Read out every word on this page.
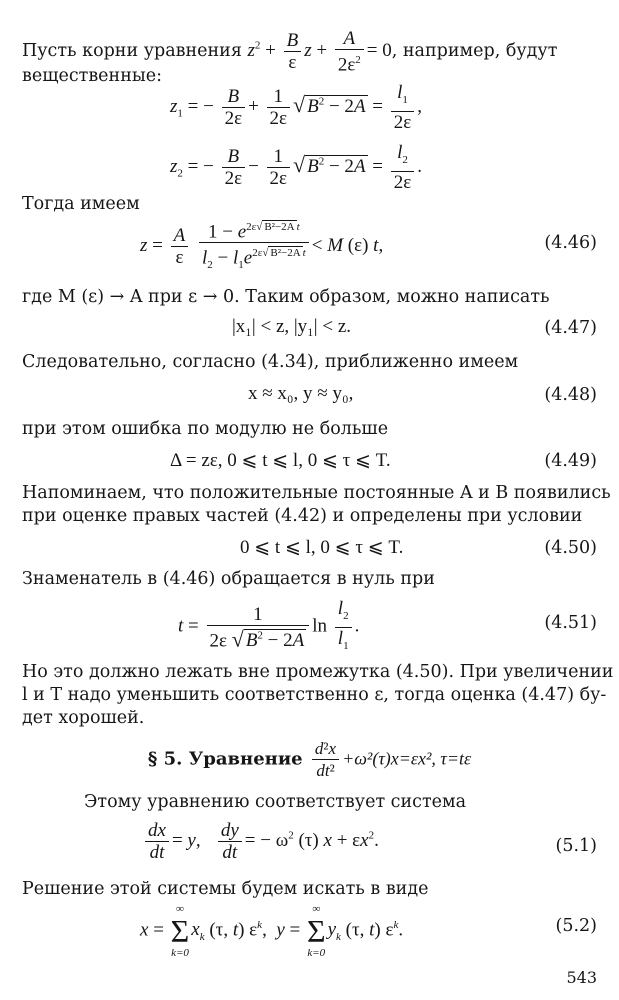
Пусть корни уравнения $z^2 + \frac{B}{\varepsilon}$ $z + \frac{A}{2\varepsilon^2} = 0$, например, будут
вещественные:
$z_1$ = − $\frac{B}{2\varepsilon} + \frac{1}{2\varepsilon}$ √ $B^2 - 2A = \frac{l_1}{2\varepsilon}$ ,
$z_2$ = − $\frac{B}{2\varepsilon} - \frac{1}{2\varepsilon}$ √ $B^2 - 2A = \frac{l_2}{2\varepsilon}$ .
Тогда имеем
$z = \frac{A}{\varepsilon}$
$\frac{1 - e^{2\varepsilon√ B^2-2A t}}{l_2 - l_1e^{2\varepsilon√ B^2-2A t}} < M$ (ε) t,	(4.46)
где M (ε) → A при ε → 0. Таким образом, можно написать
|x₁| < z, |y₁| < z.	(4.47)
Следовательно, согласно (4.34), приближенно имеем
x ≈ x₀, y ≈ y₀,	(4.48)
при этом ошибка по модулю не больше
Δ = zε, 0 ⩽ t ⩽ l, 0 ⩽ τ ⩽ T.	(4.49)
Напоминаем, что положительные постоянные A и B появились
при оценке правых частей (4.42) и определены при условии
0 ⩽ t ⩽ l, 0 ⩽ τ ⩽ T.	(4.50)
Знаменатель в (4.46) обращается в нуль при
$t = \frac{1}{2\varepsilon √ B^2 - 2A}$ $\ln \frac{l_2}{l_1}$ .	(4.51)
Но это должно лежать вне промежутка (4.50). При увеличении
l и T надо уменьшить соответственно ε, тогда оценка (4.47) бу-
дет хорошей.
§ 5. Уравнение $\frac{\text{d²x}}{\text{dt²}} +\omega^2(\tau)x=\varepsilon x^2$, τ=tε
Этому уравнению соответствует система
$\frac{dx}{dt} = y$, $\frac{dy}{dt}$ = − $\omega^2$ (τ) $x + \varepsilon x^2$.	(5.1)
Решение этой системы будем искать в виде
x =
∞
Σ
k=0
$x_k$ (τ, t) $\varepsilon^k$,  y =
∞
Σ
k=0
$y_k$ (τ, t) $\varepsilon^k$.	(5.2)
543
